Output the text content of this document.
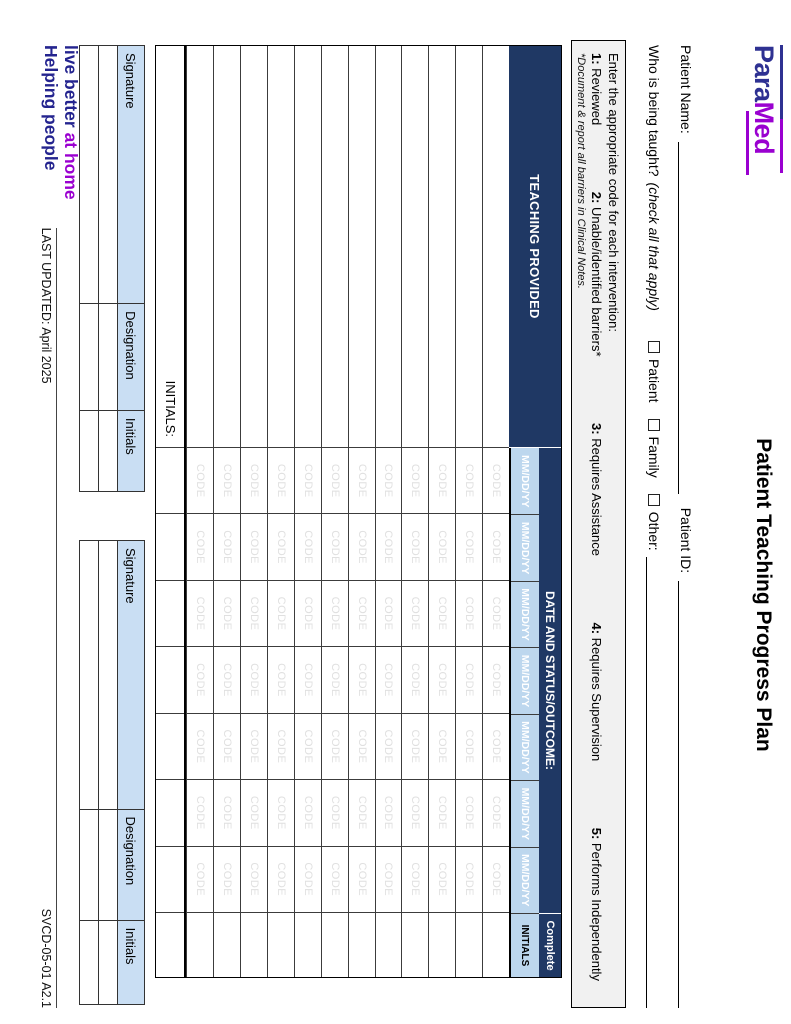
ParaMed
Patient Teaching Progress Plan
Patient Name:
Patient ID:
Who is being taught?
(check all that apply)
Patient
Family
Other:
Enter the appropriate code for each intervention:
1: Reviewed
2: Unable/identified barriers*
3: Requires Assistance
4: Requires Supervision
5: Performs Independently
*Document & report all barriers in Clinical Notes.
TEACHING PROVIDED
DATE AND STATUS/OUTCOME:
Complete
MM/DD/YY
MM/DD/YY
MM/DD/YY
MM/DD/YY
MM/DD/YY
MM/DD/YY
MM/DD/YY
INITIALS
CODE
CODE
CODE
CODE
CODE
CODE
CODE
CODE
CODE
CODE
CODE
CODE
CODE
CODE
CODE
CODE
CODE
CODE
CODE
CODE
CODE
CODE
CODE
CODE
CODE
CODE
CODE
CODE
CODE
CODE
CODE
CODE
CODE
CODE
CODE
CODE
CODE
CODE
CODE
CODE
CODE
CODE
CODE
CODE
CODE
CODE
CODE
CODE
CODE
CODE
CODE
CODE
CODE
CODE
CODE
CODE
CODE
CODE
CODE
CODE
CODE
CODE
CODE
CODE
CODE
CODE
CODE
CODE
CODE
CODE
CODE
CODE
CODE
CODE
CODE
CODE
CODE
CODE
CODE
CODE
CODE
CODE
CODE
CODE
INITIALS:
Signature
Designation
Initials
Signature
Designation
Initials
live better at home
Helping people
LAST UPDATED: April 2025
SVCD-05-01 A2.1
